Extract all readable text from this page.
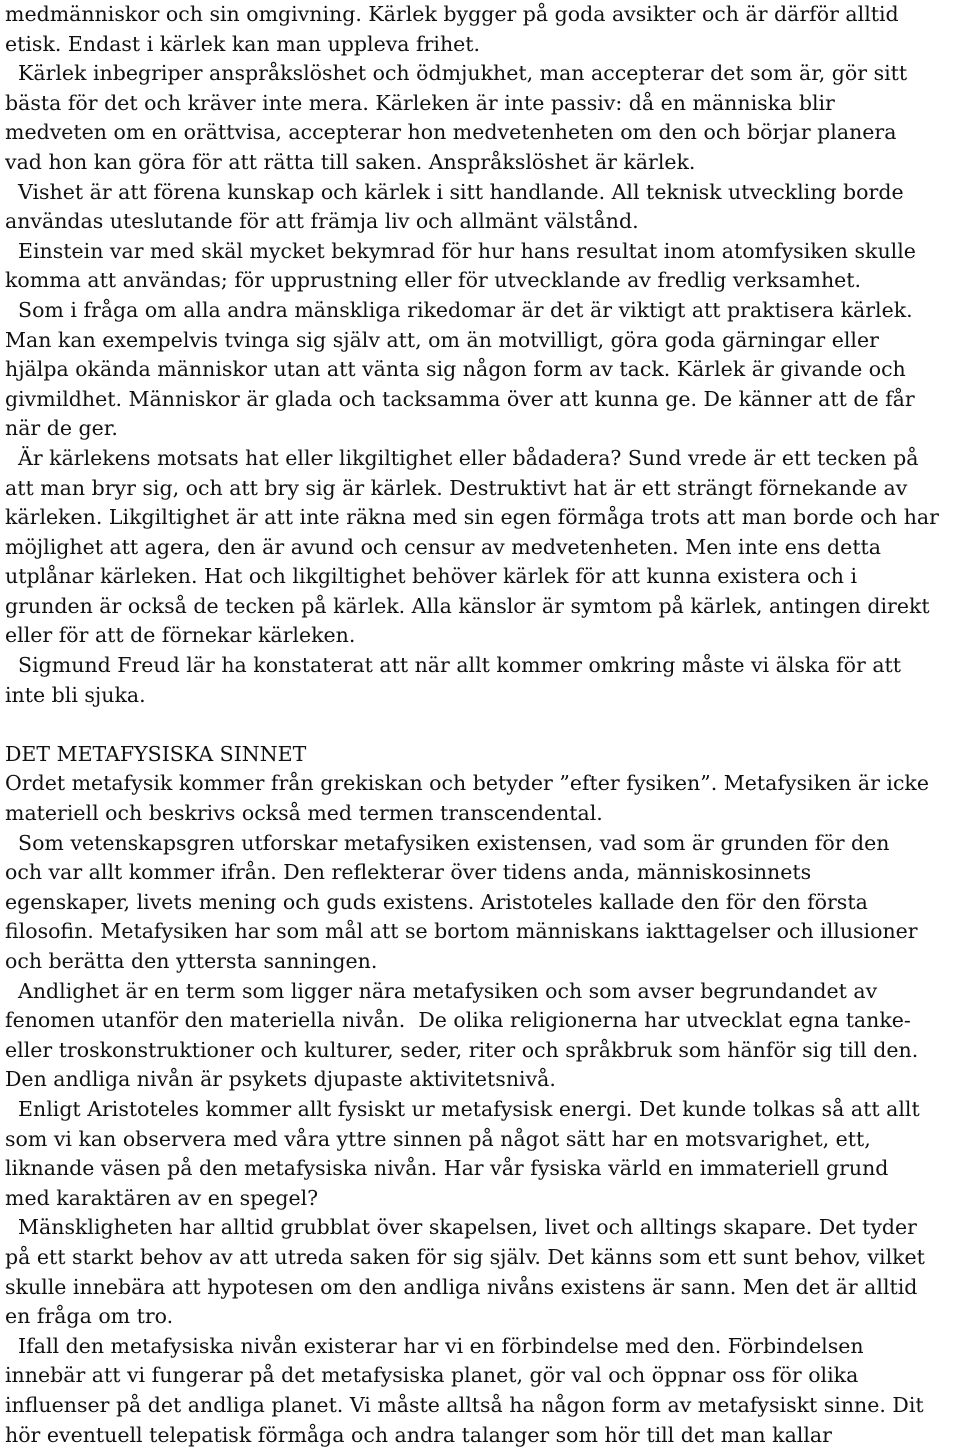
medmänniskor och sin omgivning. Kärlek bygger på goda avsikter och är därför alltid
etisk. Endast i kärlek kan man uppleva frihet.
Kärlek inbegriper anspråkslöshet och ödmjukhet, man accepterar det som är, gör sitt
bästa för det och kräver inte mera. Kärleken är inte passiv: då en människa blir
medveten om en orättvisa, accepterar hon medvetenheten om den och börjar planera
vad hon kan göra för att rätta till saken. Anspråkslöshet är kärlek.
Vishet är att förena kunskap och kärlek i sitt handlande. All teknisk utveckling borde
användas uteslutande för att främja liv och allmänt välstånd.
Einstein var med skäl mycket bekymrad för hur hans resultat inom atomfysiken skulle
komma att användas; för upprustning eller för utvecklande av fredlig verksamhet.
Som i fråga om alla andra mänskliga rikedomar är det är viktigt att praktisera kärlek.
Man kan exempelvis tvinga sig själv att, om än motvilligt, göra goda gärningar eller
hjälpa okända människor utan att vänta sig någon form av tack. Kärlek är givande och
givmildhet. Människor är glada och tacksamma över att kunna ge. De känner att de får
när de ger.
Är kärlekens motsats hat eller likgiltighet eller bådadera? Sund vrede är ett tecken på
att man bryr sig, och att bry sig är kärlek. Destruktivt hat är ett strängt förnekande av
kärleken. Likgiltighet är att inte räkna med sin egen förmåga trots att man borde och har
möjlighet att agera, den är avund och censur av medvetenheten. Men inte ens detta
utplånar kärleken. Hat och likgiltighet behöver kärlek för att kunna existera och i
grunden är också de tecken på kärlek. Alla känslor är symtom på kärlek, antingen direkt
eller för att de förnekar kärleken.
Sigmund Freud lär ha konstaterat att när allt kommer omkring måste vi älska för att
inte bli sjuka.
DET METAFYSISKA SINNET
Ordet metafysik kommer från grekiskan och betyder ”efter fysiken”. Metafysiken är icke
materiell och beskrivs också med termen transcendental.
Som vetenskapsgren utforskar metafysiken existensen, vad som är grunden för den
och var allt kommer ifrån. Den reflekterar över tidens anda, människosinnets
egenskaper, livets mening och guds existens. Aristoteles kallade den för den första
filosofin. Metafysiken har som mål att se bortom människans iakttagelser och illusioner
och berätta den yttersta sanningen.
Andlighet är en term som ligger nära metafysiken och som avser begrundandet av
fenomen utanför den materiella nivån.  De olika religionerna har utvecklat egna tanke-
eller troskonstruktioner och kulturer, seder, riter och språkbruk som hänför sig till den.
Den andliga nivån är psykets djupaste aktivitetsnivå.
Enligt Aristoteles kommer allt fysiskt ur metafysisk energi. Det kunde tolkas så att allt
som vi kan observera med våra yttre sinnen på något sätt har en motsvarighet, ett,
liknande väsen på den metafysiska nivån. Har vår fysiska värld en immateriell grund
med karaktären av en spegel?
Mänskligheten har alltid grubblat över skapelsen, livet och alltings skapare. Det tyder
på ett starkt behov av att utreda saken för sig själv. Det känns som ett sunt behov, vilket
skulle innebära att hypotesen om den andliga nivåns existens är sann. Men det är alltid
en fråga om tro.
Ifall den metafysiska nivån existerar har vi en förbindelse med den. Förbindelsen
innebär att vi fungerar på det metafysiska planet, gör val och öppnar oss för olika
influenser på det andliga planet. Vi måste alltså ha någon form av metafysiskt sinne. Dit
hör eventuell telepatisk förmåga och andra talanger som hör till det man kallar
